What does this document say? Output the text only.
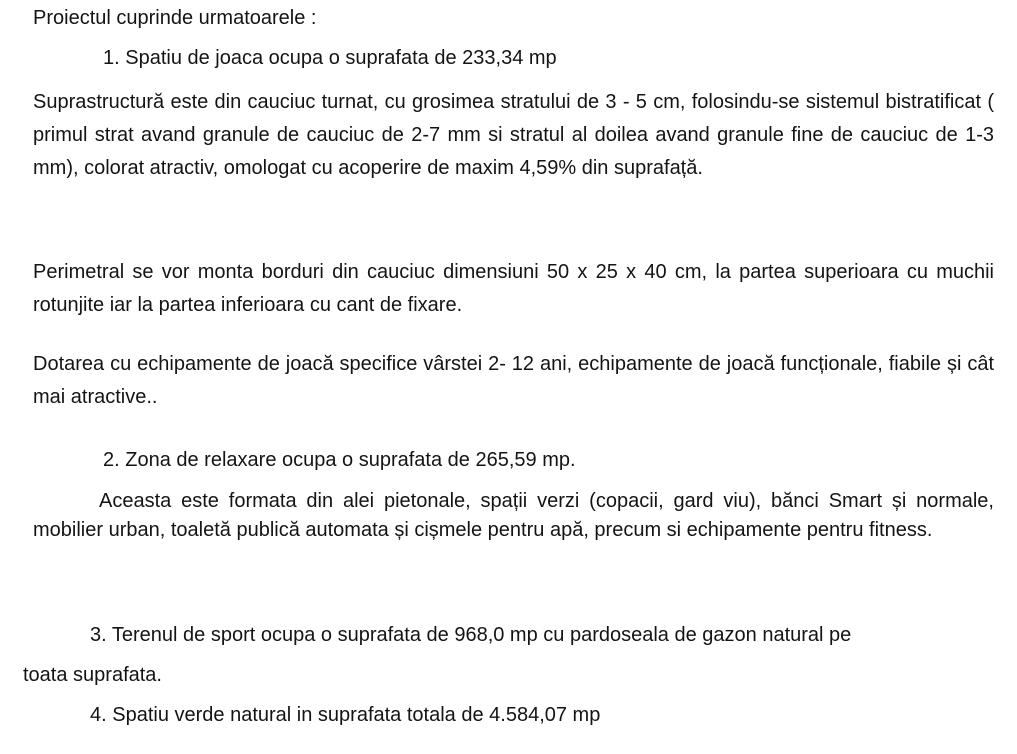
Proiectul cuprinde urmatoarele :

1. Spatiu de joaca ocupa o suprafata de 233,34 mp

Suprastructură este din cauciuc turnat, cu grosimea stratului de 3 - 5 cm, folosindu-se sistemul bistratificat ( primul strat avand granule de cauciuc de 2-7 mm si stratul al doilea avand granule fine de cauciuc de 1-3 mm), colorat atractiv, omologat cu acoperire de maxim 4,59% din suprafață.

Perimetral se vor monta borduri din cauciuc dimensiuni 50 x 25 x 40 cm, la partea superioara cu muchii rotunjite iar la partea inferioara cu cant de fixare.

Dotarea cu echipamente de joacă specifice vârstei 2- 12 ani, echipamente de joacă funcționale, fiabile și cât mai atractive..

2. Zona de relaxare ocupa o suprafata de 265,59 mp.

Aceasta este formata din alei pietonale, spații verzi (copacii, gard viu), bănci Smart și normale, mobilier urban, toaletă publică automata și cișmele pentru apă, precum si echipamente pentru fitness.

3. Terenul de sport ocupa o suprafata de 968,0 mp cu pardoseala de gazon natural pe

toata suprafata.

4. Spatiu verde natural in suprafata totala de 4.584,07 mp
